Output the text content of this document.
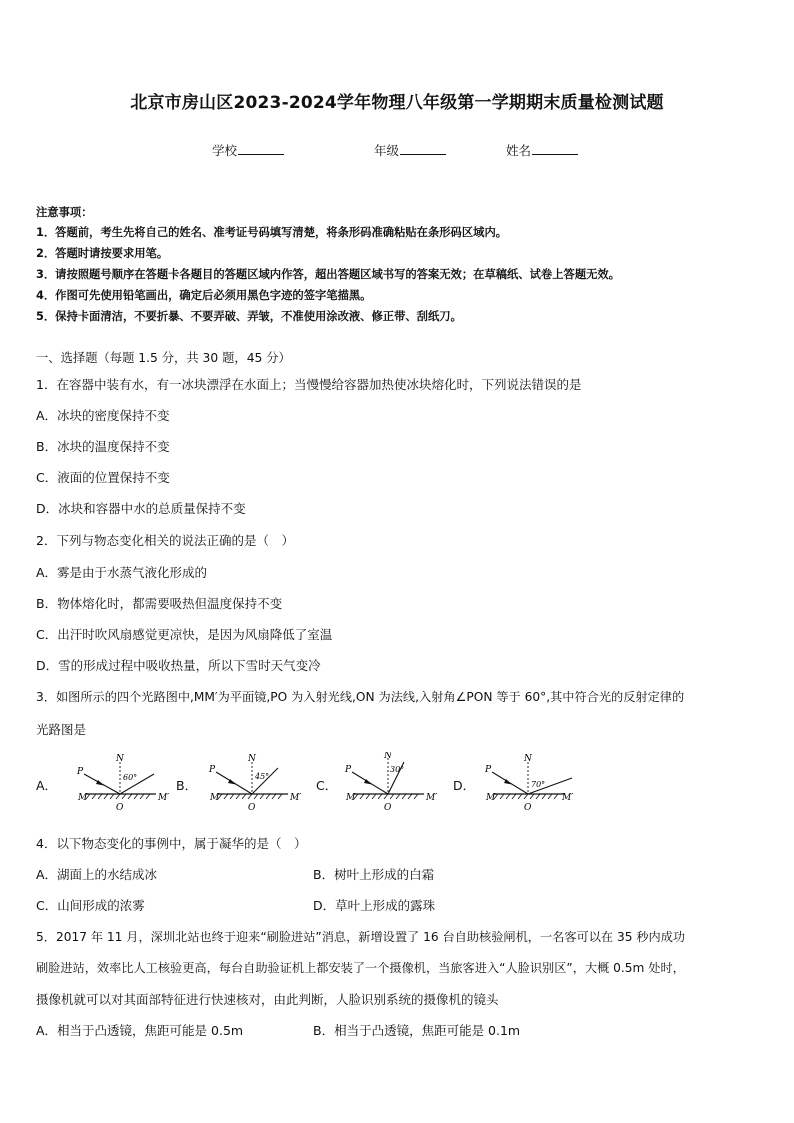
北京市房山区2023-2024学年物理八年级第一学期期末质量检测试题
学校	年级	姓名
注意事项：
1．答题前，考生先将自己的姓名、准考证号码填写清楚，将条形码准确粘贴在条形码区域内。
2．答题时请按要求用笔。
3．请按照题号顺序在答题卡各题目的答题区域内作答，超出答题区域书写的答案无效；在草稿纸、试卷上答题无效。
4．作图可先使用铅笔画出，确定后必须用黑色字迹的签字笔描黑。
5．保持卡面清洁，不要折暴、不要弄破、弄皱，不准使用涂改液、修正带、刮纸刀。
一、选择题（每题 1.5 分，共 30 题，45 分）
1．在容器中装有水，有一冰块漂浮在水面上；当慢慢给容器加热使冰块熔化时，下列说法错误的是
A．冰块的密度保持不变
B．冰块的温度保持不变
C．液面的位置保持不变
D．冰块和容器中水的总质量保持不变
2．下列与物态变化相关的说法正确的是（　）
A．雾是由于水蒸气液化形成的
B．物体熔化时，都需要吸热但温度保持不变
C．出汗时吹风扇感觉更凉快，是因为风扇降低了室温
D．雪的形成过程中吸收热量，所以下雪时天气变冷
3．如图所示的四个光路图中,MM′为平面镜,PO 为入射光线,ON 为法线,入射角∠PON 等于 60°,其中符合光的反射定律的
光路图是
A．	B．	C．	D．
N
P
M	M′
O
60°
N
P
M	M′
O
45°
N
P
M	M′
O
30°
N
P
M	M′
O
70°
4．以下物态变化的事例中，属于凝华的是（　）
A．湖面上的水结成冰	B．树叶上形成的白霜
C．山间形成的浓雾	D．草叶上形成的露珠
5．2017 年 11 月，深圳北站也终于迎来“刷脸进站”消息，新增设置了 16 台自助核验闸机，一名客可以在 35 秒内成功
刷脸进站，效率比人工核验更高，每台自助验证机上都安装了一个摄像机，当旅客进入“人脸识别区”，大概 0.5m 处时，
摄像机就可以对其面部特征进行快速核对，由此判断，人脸识别系统的摄像机的镜头
A．相当于凸透镜，焦距可能是 0.5m	B．相当于凸透镜，焦距可能是 0.1m
